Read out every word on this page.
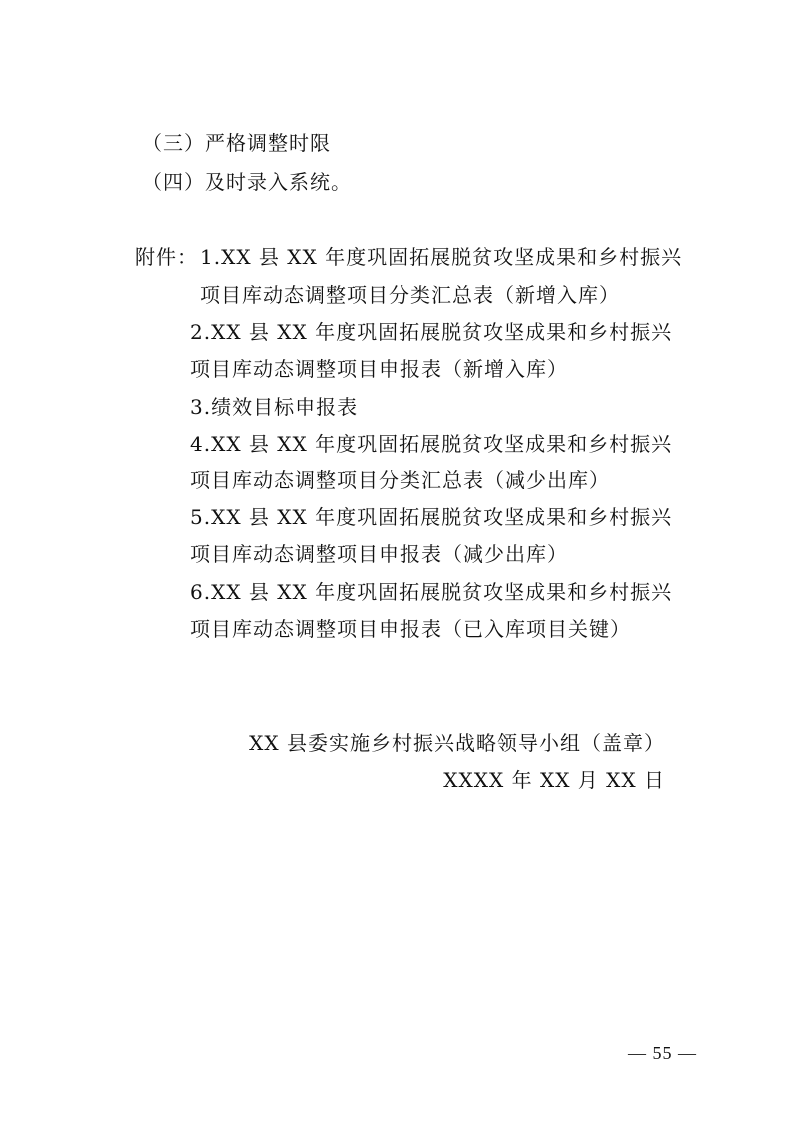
（三）严格调整时限
（四）及时录入系统。
附件： 1.XX 县 XX 年度巩固拓展脱贫攻坚成果和乡村振兴
项目库动态调整项目分类汇总表（新增入库）
2.XX 县 XX 年度巩固拓展脱贫攻坚成果和乡村振兴
项目库动态调整项目申报表（新增入库）
3.绩效目标申报表
4.XX 县 XX 年度巩固拓展脱贫攻坚成果和乡村振兴
项目库动态调整项目分类汇总表（减少出库）
5.XX 县 XX 年度巩固拓展脱贫攻坚成果和乡村振兴
项目库动态调整项目申报表（减少出库）
6.XX 县 XX 年度巩固拓展脱贫攻坚成果和乡村振兴
项目库动态调整项目申报表（已入库项目关键）
XX 县委实施乡村振兴战略领导小组（盖章）
XXXX 年 XX 月 XX 日
— 55 —
